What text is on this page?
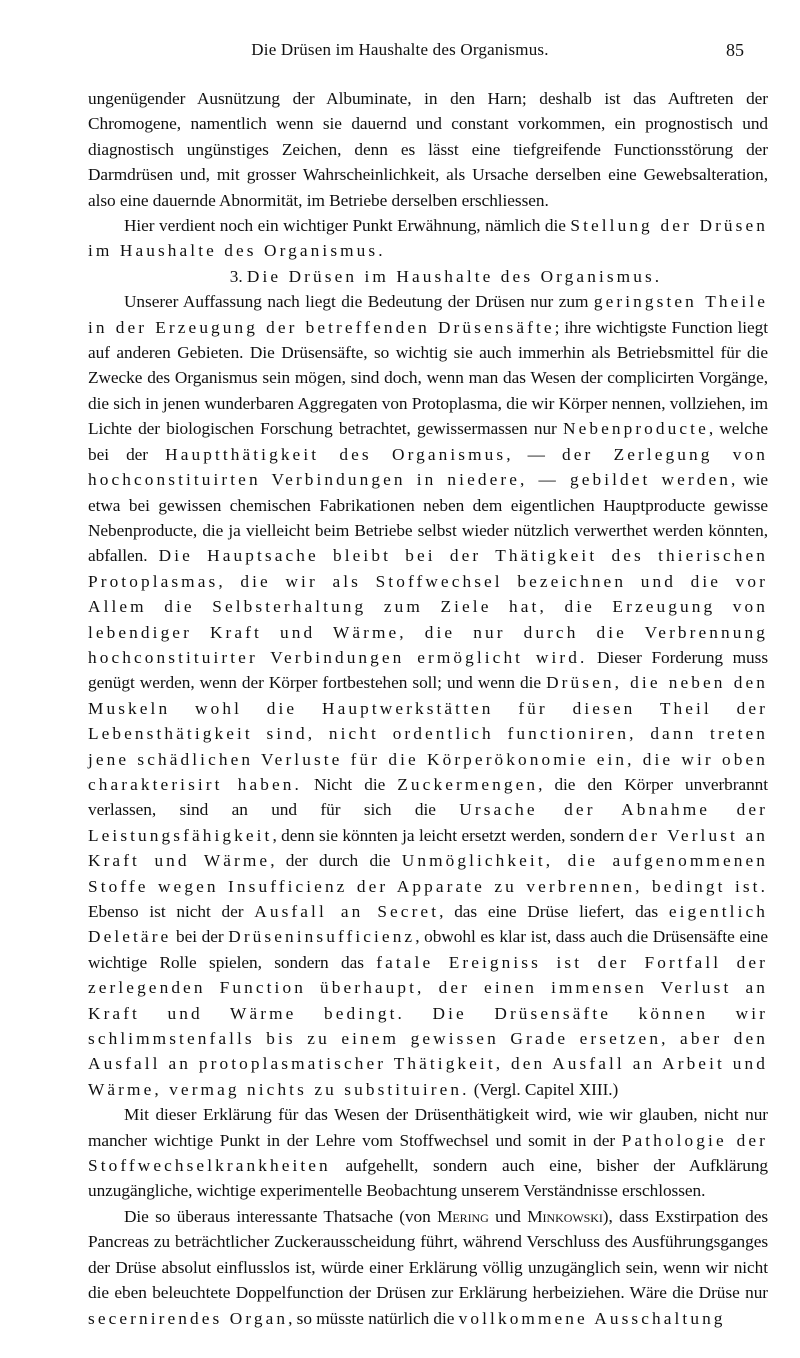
Die Drüsen im Haushalte des Organismus.	85

ungenügender Ausnützung der Albuminate, in den Harn; deshalb ist das Auftreten der Chromogene, namentlich wenn sie dauernd und constant vorkommen, ein prognostisch und diagnostisch ungünstiges Zeichen, denn es lässt eine tiefgreifende Functionsstörung der Darmdrüsen und, mit grosser Wahrscheinlichkeit, als Ursache derselben eine Gewebsalteration, also eine dauernde Abnormität, im Betriebe derselben erschliessen.

Hier verdient noch ein wichtiger Punkt Erwähnung, nämlich die Stellung der Drüsen im Haushalte des Organismus.

3. Die Drüsen im Haushalte des Organismus.

Unserer Auffassung nach liegt die Bedeutung der Drüsen nur zum geringsten Theile in der Erzeugung der betreffenden Drüsensäfte; ihre wichtigste Function liegt auf anderen Gebieten. Die Drüsensäfte, so wichtig sie auch immerhin als Betriebsmittel für die Zwecke des Organismus sein mögen, sind doch, wenn man das Wesen der complicirten Vorgänge, die sich in jenen wunderbaren Aggregaten von Protoplasma, die wir Körper nennen, vollziehen, im Lichte der biologischen Forschung betrachtet, gewissermassen nur Nebenproducte, welche bei der Hauptthätigkeit des Organismus, — der Zerlegung von hochconstituirten Verbindungen in niedere, — gebildet werden, wie etwa bei gewissen chemischen Fabrikationen neben dem eigentlichen Hauptproducte gewisse Nebenproducte, die ja vielleicht beim Betriebe selbst wieder nützlich verwerthet werden könnten, abfallen. Die Hauptsache bleibt bei der Thätigkeit des thierischen Protoplasmas, die wir als Stoffwechsel bezeichnen und die vor Allem die Selbsterhaltung zum Ziele hat, die Erzeugung von lebendiger Kraft und Wärme, die nur durch die Verbrennung hochconstituirter Verbindungen ermöglicht wird. Dieser Forderung muss genügt werden, wenn der Körper fortbestehen soll; und wenn die Drüsen, die neben den Muskeln wohl die Hauptwerkstätten für diesen Theil der Lebensthätigkeit sind, nicht ordentlich functioniren, dann treten jene schädlichen Verluste für die Körperökonomie ein, die wir oben charakterisirt haben. Nicht die Zuckermengen, die den Körper unverbrannt verlassen, sind an und für sich die Ursache der Abnahme der Leistungsfähigkeit, denn sie könnten ja leicht ersetzt werden, sondern der Verlust an Kraft und Wärme, der durch die Unmöglichkeit, die aufgenommenen Stoffe wegen Insufficienz der Apparate zu verbrennen, bedingt ist. Ebenso ist nicht der Ausfall an Secret, das eine Drüse liefert, das eigentlich Deletäre bei der Drüseninsufficienz, obwohl es klar ist, dass auch die Drüsensäfte eine wichtige Rolle spielen, sondern das fatale Ereigniss ist der Fortfall der zerlegenden Function überhaupt, der einen immensen Verlust an Kraft und Wärme bedingt. Die Drüsensäfte können wir schlimmstenfalls bis zu einem gewissen Grade ersetzen, aber den Ausfall an protoplasmatischer Thätigkeit, den Ausfall an Arbeit und Wärme, vermag nichts zu substituiren. (Vergl. Capitel XIII.)

Mit dieser Erklärung für das Wesen der Drüsenthätigkeit wird, wie wir glauben, nicht nur mancher wichtige Punkt in der Lehre vom Stoffwechsel und somit in der Pathologie der Stoffwechselkrankheiten aufgehellt, sondern auch eine, bisher der Aufklärung unzugängliche, wichtige experimentelle Beobachtung unserem Verständnisse erschlossen.

Die so überaus interessante Thatsache (von Mering und Minkowski), dass Exstirpation des Pancreas zu beträchtlicher Zuckerausscheidung führt, während Verschluss des Ausführungsganges der Drüse absolut einflusslos ist, würde einer Erklärung völlig unzugänglich sein, wenn wir nicht die eben beleuchtete Doppelfunction der Drüsen zur Erklärung herbeiziehen. Wäre die Drüse nur secernirendes Organ, so müsste natürlich die vollkommene Ausschaltung
